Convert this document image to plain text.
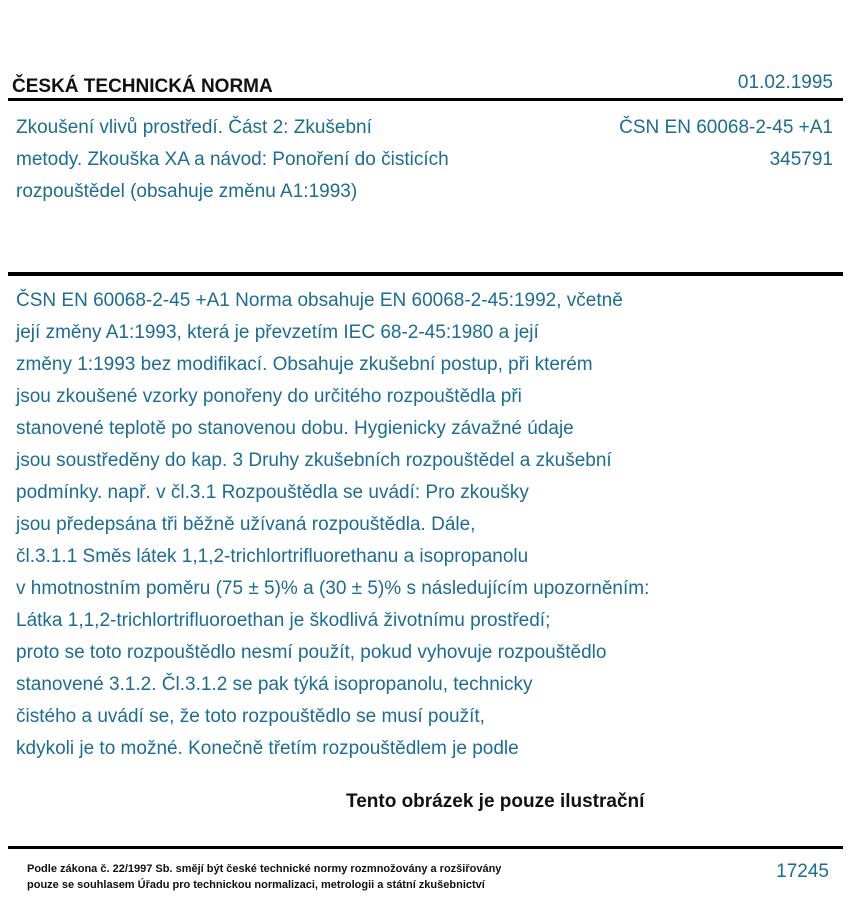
ČESKÁ TECHNICKÁ NORMA	01.02.1995
Zkoušení vlivů prostředí. Část 2: Zkušební
metody. Zkouška XA a návod: Ponoření do čisticích
rozpouštědel (obsahuje změnu A1:1993)
ČSN EN 60068-2-45 +A1
345791
ČSN EN 60068-2-45 +A1 Norma obsahuje EN 60068-2-45:1992, včetně
její změny A1:1993, která je převzetím IEC 68-2-45:1980 a její
změny 1:1993 bez modifikací. Obsahuje zkušební postup, při kterém
jsou zkoušené vzorky ponořeny do určitého rozpouštědla při
stanovené teplotě po stanovenou dobu. Hygienicky závažné údaje
jsou soustředěny do kap. 3 Druhy zkušebních rozpouštědel a zkušební
podmínky. např. v čl.3.1 Rozpouštědla se uvádí: Pro zkoušky
jsou předepsána tři běžně užívaná rozpouštědla. Dále,
čl.3.1.1 Směs látek 1,1,2-trichlortrifluorethanu a isopropanolu
v hmotnostním poměru (75 ± 5)% a (30 ± 5)% s následujícím upozorněním:
Látka 1,1,2-trichlortrifluoroethan je škodlivá životnímu prostředí;
proto se toto rozpouštědlo nesmí použít, pokud vyhovuje rozpouštědlo
stanovené 3.1.2. Čl.3.1.2 se pak týká isopropanolu, technicky
čistého a uvádí se, že toto rozpouštědlo se musí použít,
kdykoli je to možné. Konečně třetím rozpouštědlem je podle
Tento obrázek je pouze ilustrační
Podle zákona č. 22/1997 Sb. smějí být české technické normy rozmnožovány a rozšiřovány
pouze se souhlasem Úřadu pro technickou normalizaci, metrologii a státní zkušebnictví
17245
